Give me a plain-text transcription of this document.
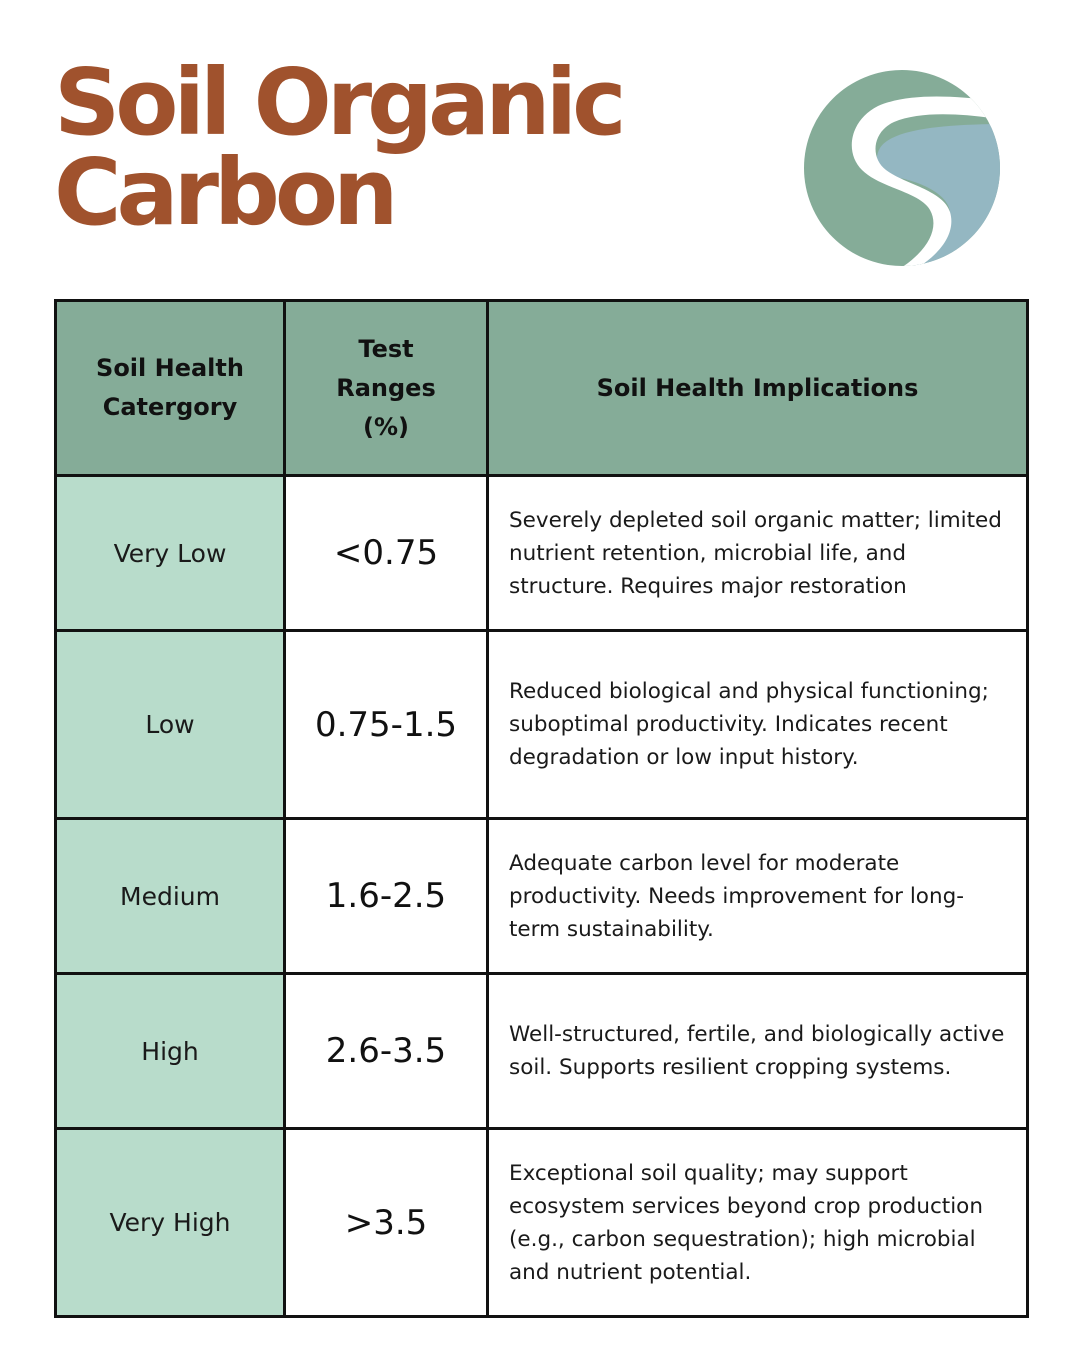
Soil Organic
Carbon
Soil Health Catergory	Test Ranges (%)	Soil Health Implications
Very Low	<0.75	Severely depleted soil organic matter; limited nutrient retention, microbial life, and structure. Requires major restoration
Low	0.75-1.5	Reduced biological and physical functioning; suboptimal productivity. Indicates recent degradation or low input history.
Medium	1.6-2.5	Adequate carbon level for moderate productivity. Needs improvement for long-term sustainability.
High	2.6-3.5	Well-structured, fertile, and biologically active soil. Supports resilient cropping systems.
Very High	>3.5	Exceptional soil quality; may support ecosystem services beyond crop production (e.g., carbon sequestration); high microbial and nutrient potential.
